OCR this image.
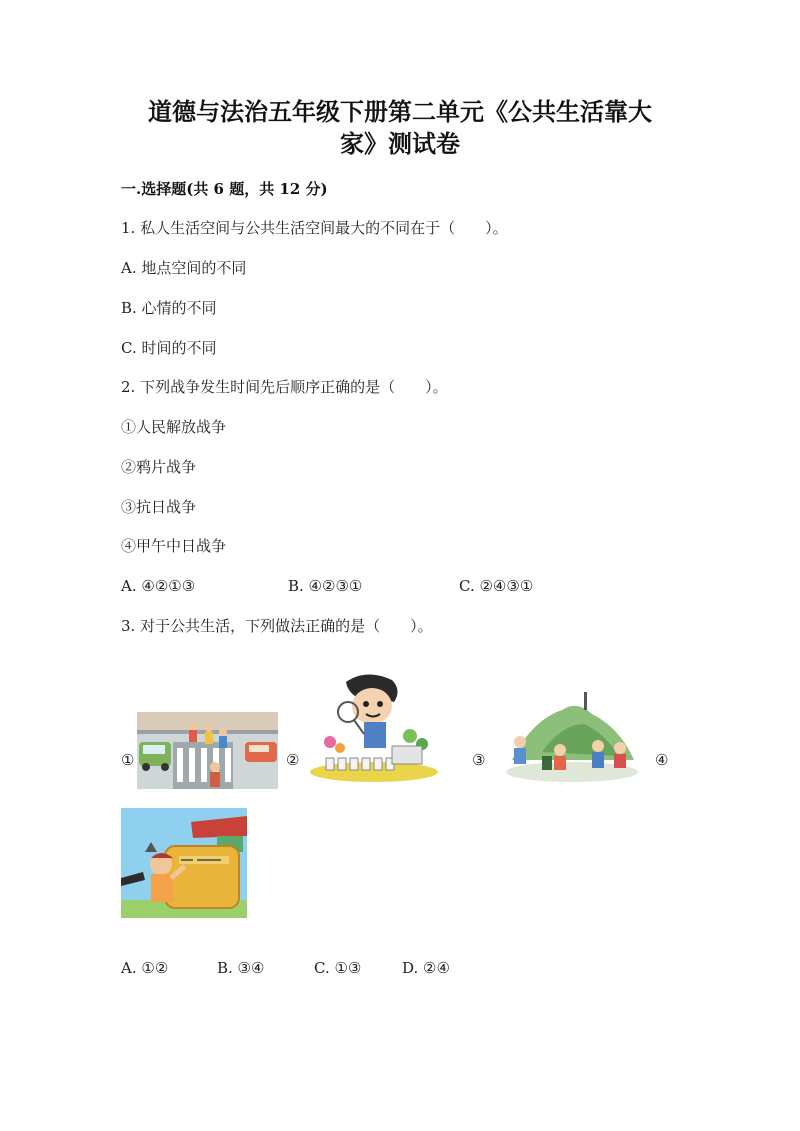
道德与法治五年级下册第二单元《公共生活靠大
家》测试卷
一.选择题(共 6 题，共 12 分)
1. 私人生活空间与公共生活空间最大的不同在于（　　）。
A. 地点空间的不同
B. 心情的不同
C. 时间的不同
2. 下列战争发生时间先后顺序正确的是（　　）。
①人民解放战争
②鸦片战争
③抗日战争
④甲午中日战争
A. ④②①③	B. ④②③①	C. ②④③①
3. 对于公共生活，下列做法正确的是（　　）。
①	②	③	④
A. ①②	B. ③④	C. ①③	D. ②④
